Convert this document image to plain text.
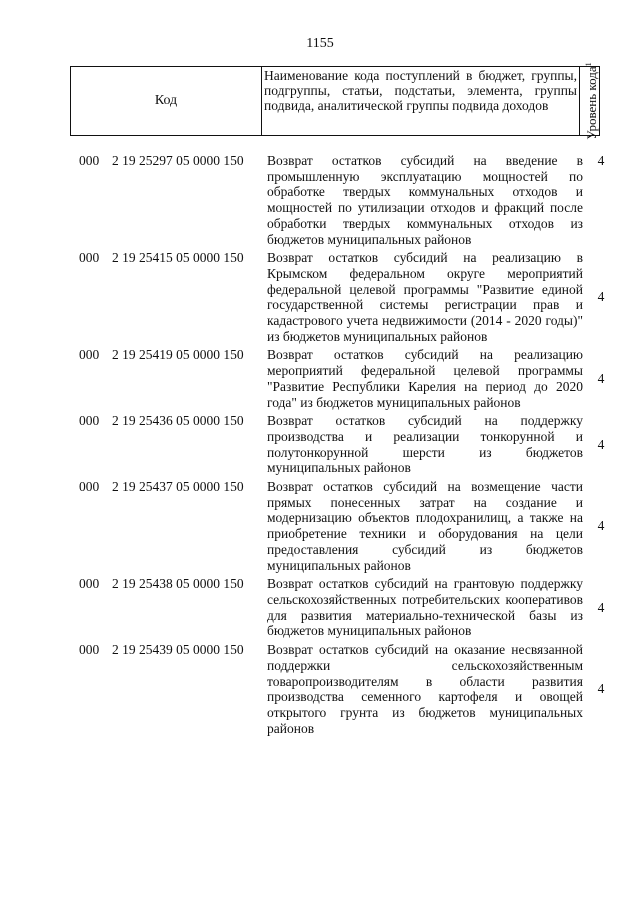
1155
Код
Наименование кода поступлений в бюджет, группы, подгруппы, статьи, подстатьи, элемента, группы подвида, аналитической группы подвида доходов	Уровень кода$^1$
000 2 19 25297 05 0000 150 Возврат остатков субсидий на введение в промышленную эксплуатацию мощностей по обработке твердых коммунальных отходов и мощностей по утилизации отходов и фракций после обработки твердых коммунальных отходов из бюджетов муниципальных районов
4
000 2 19 25415 05 0000 150 Возврат остатков субсидий на реализацию в Крымском федеральном округе мероприятий федеральной целевой программы "Развитие единой государственной системы регистрации прав и кадастрового учета недвижимости (2014 - 2020 годы)" из бюджетов муниципальных районов
4
000 2 19 25419 05 0000 150 Возврат остатков субсидий на реализацию мероприятий федеральной целевой программы "Развитие Республики Карелия на период до 2020 года" из бюджетов муниципальных районов
4
000 2 19 25436 05 0000 150 Возврат остатков субсидий на поддержку производства и реализации тонкорунной и полутонкорунной шерсти из бюджетов муниципальных районов
4
000 2 19 25437 05 0000 150 Возврат остатков субсидий на возмещение части прямых понесенных затрат на создание и модернизацию объектов плодохранилищ, а также на приобретение техники и оборудования на цели предоставления субсидий из бюджетов муниципальных районов
4
000 2 19 25438 05 0000 150 Возврат остатков субсидий на грантовую поддержку сельскохозяйственных потребительских кооперативов для развития материально-технической базы из бюджетов муниципальных районов
4
000 2 19 25439 05 0000 150 Возврат остатков субсидий на оказание несвязанной поддержки сельскохозяйственным товаропроизводителям в области развития производства семенного картофеля и овощей открытого грунта из бюджетов муниципальных районов
4
